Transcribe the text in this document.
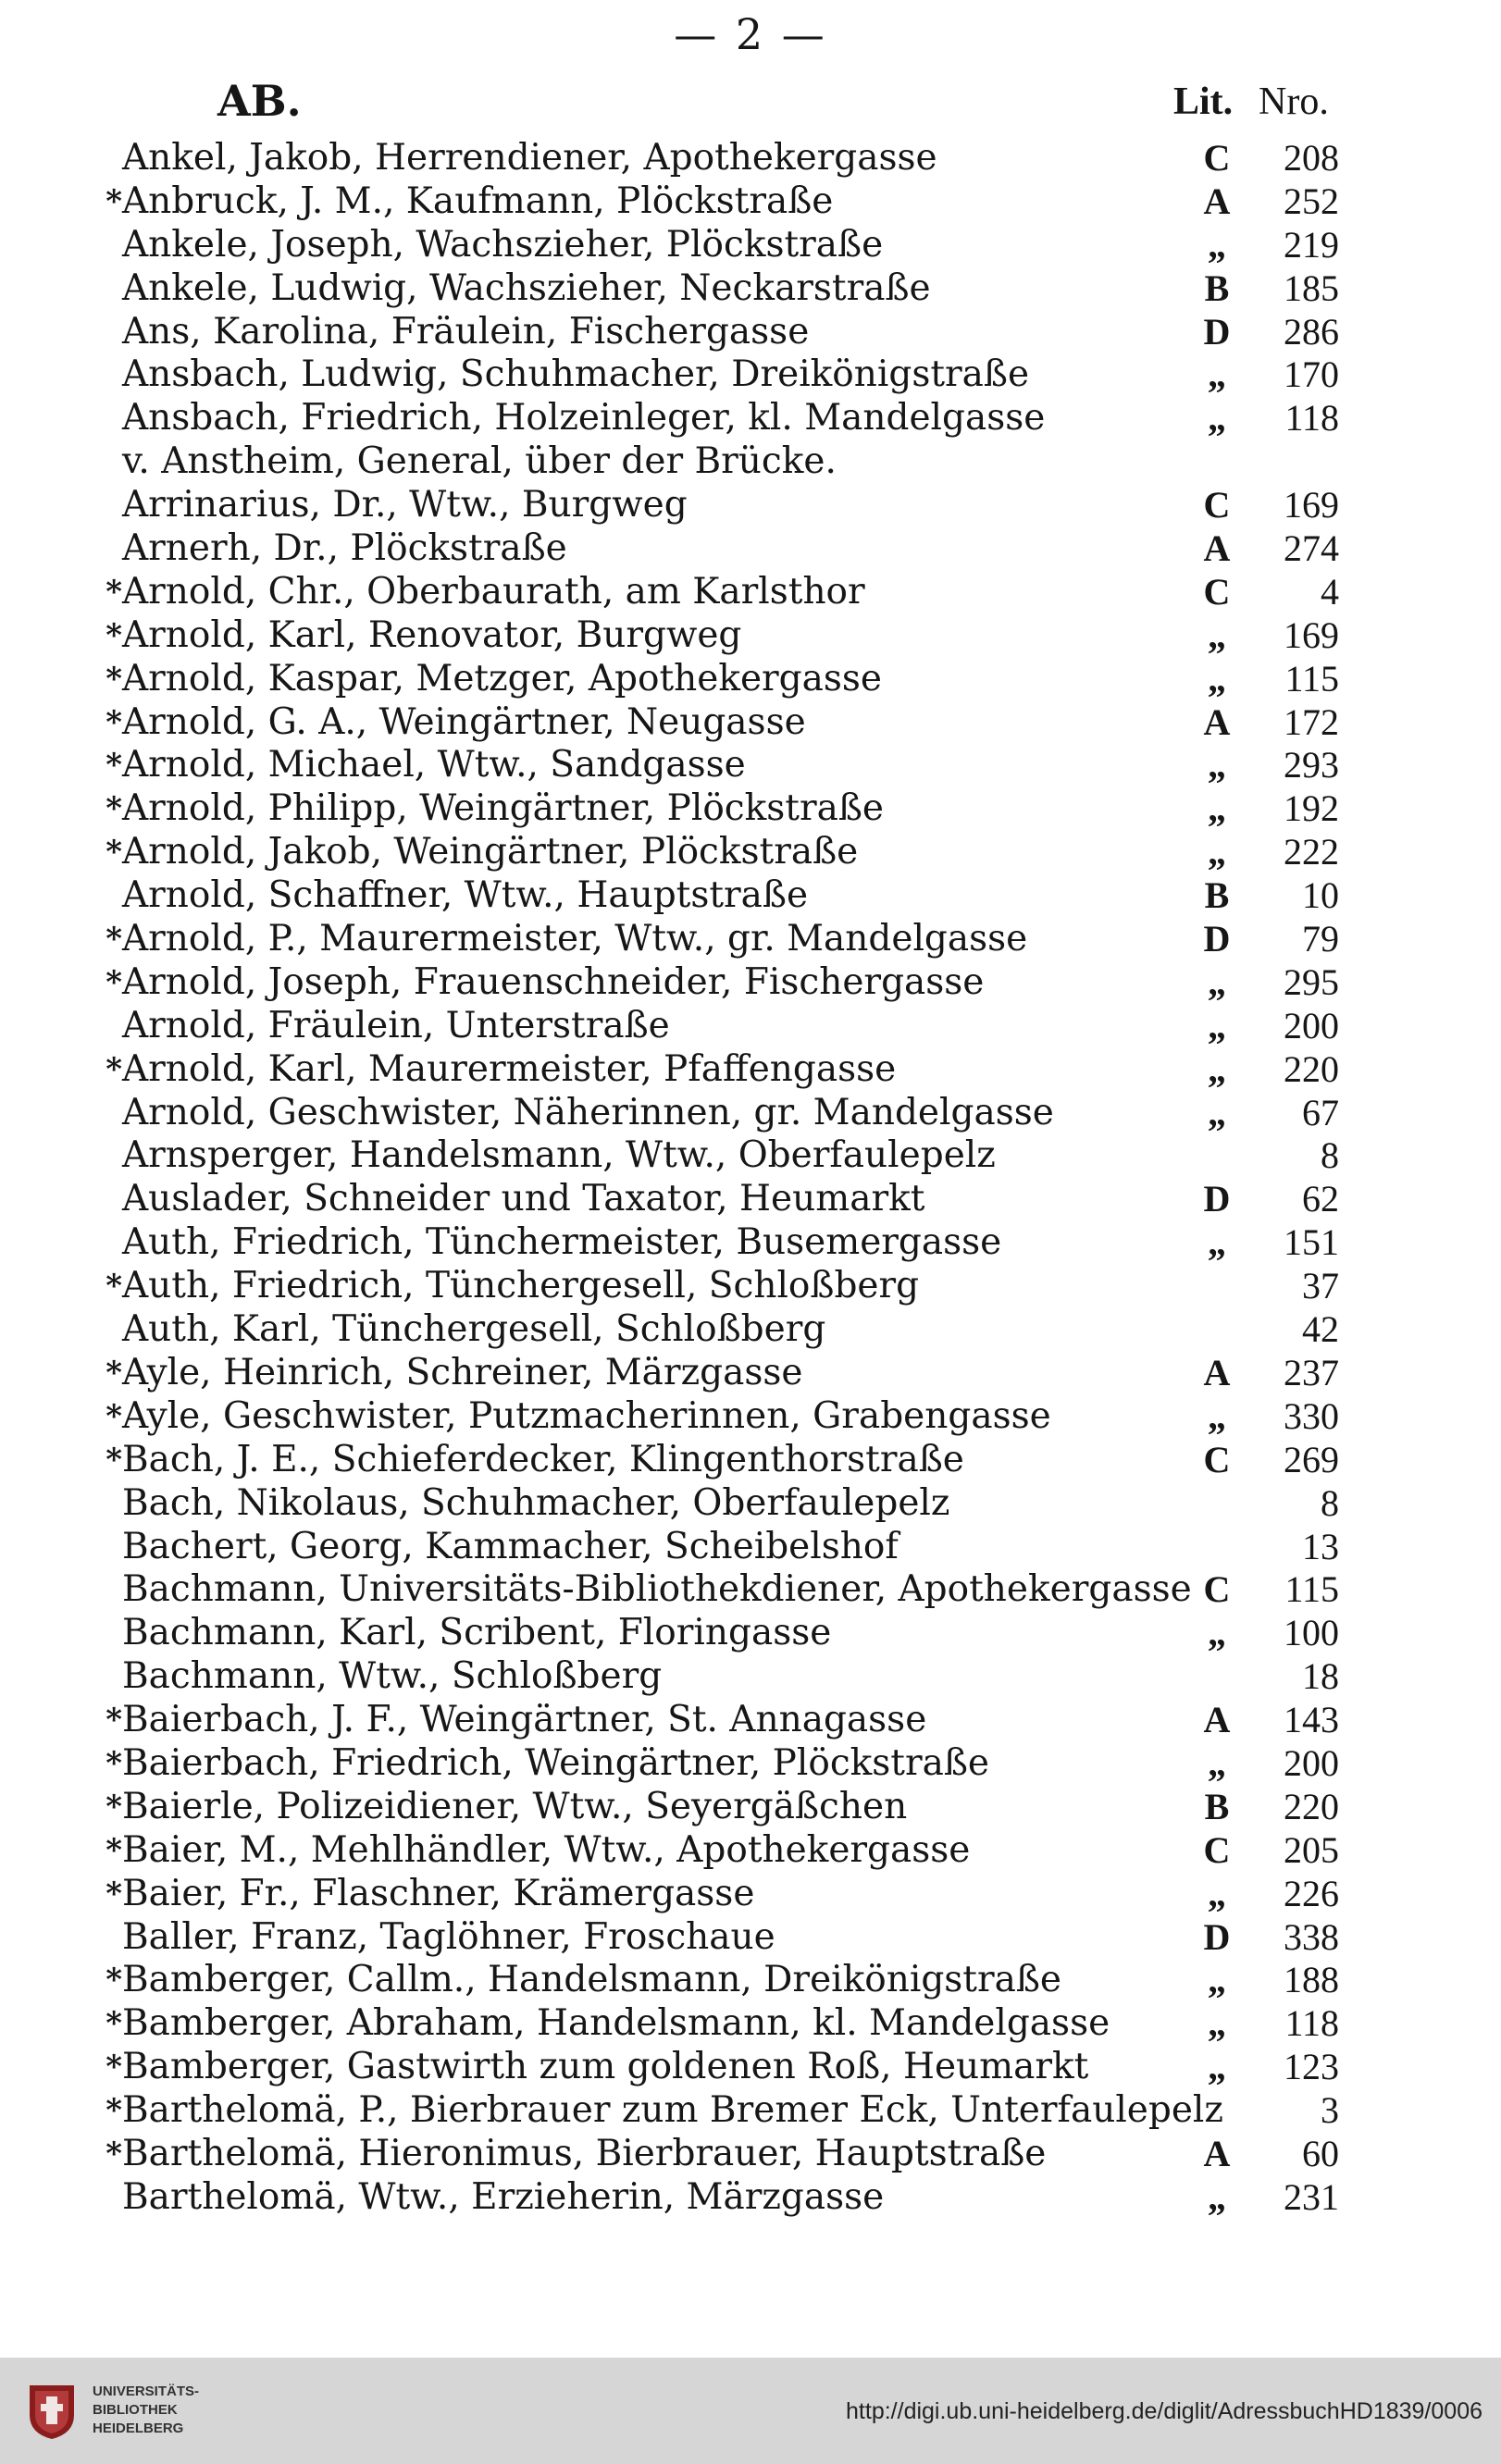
— 2 —
AB.	Lit. Nro.
Ankel, Jakob, Herrendiener, Apothekergasse	C	208
* Anbruck, J. M., Kaufmann, Plöckstraße	A	252
Ankele, Joseph, Wachszieher, Plöckstraße	„	219
Ankele, Ludwig, Wachszieher, Neckarstraße	B	185
Ans, Karolina, Fräulein, Fischergasse	D	286
Ansbach, Ludwig, Schuhmacher, Dreikönigstraße	„	170
Ansbach, Friedrich, Holzeinleger, kl. Mandelgasse	„	118
v. Anstheim, General, über der Brücke.
Arrinarius, Dr., Wtw., Burgweg	C	169
Arnerh, Dr., Plöckstraße	A	274
* Arnold, Chr., Oberbaurath, am Karlsthor	C	4
* Arnold, Karl, Renovator, Burgweg	„	169
* Arnold, Kaspar, Metzger, Apothekergasse	„	115
* Arnold, G. A., Weingärtner, Neugasse	A	172
* Arnold, Michael, Wtw., Sandgasse	„	293
* Arnold, Philipp, Weingärtner, Plöckstraße	„	192
* Arnold, Jakob, Weingärtner, Plöckstraße	„	222
Arnold, Schaffner, Wtw., Hauptstraße	B	10
* Arnold, P., Maurermeister, Wtw., gr. Mandelgasse	D	79
* Arnold, Joseph, Frauenschneider, Fischergasse	„	295
Arnold, Fräulein, Unterstraße	„	200
* Arnold, Karl, Maurermeister, Pfaffengasse	„	220
Arnold, Geschwister, Näherinnen, gr. Mandelgasse	„	67
Arnsperger, Handelsmann, Wtw., Oberfaulepelz	8
Auslader, Schneider und Taxator, Heumarkt	D	62
Auth, Friedrich, Tünchermeister, Busemergasse	„	151
* Auth, Friedrich, Tünchergesell, Schloßberg	37
Auth, Karl, Tünchergesell, Schloßberg	42
* Ayle, Heinrich, Schreiner, Märzgasse	A	237
* Ayle, Geschwister, Putzmacherinnen, Grabengasse	„	330
* Bach, J. E., Schieferdecker, Klingenthorstraße	C	269
Bach, Nikolaus, Schuhmacher, Oberfaulepelz	8
Bachert, Georg, Kammacher, Scheibelshof	13
Bachmann, Universitäts-Bibliothekdiener, Apothekergasse C	115
Bachmann, Karl, Scribent, Floringasse	„	100
Bachmann, Wtw., Schloßberg	18
* Baierbach, J. F., Weingärtner, St. Annagasse	A	143
* Baierbach, Friedrich, Weingärtner, Plöckstraße	„	200
* Baierle, Polizeidiener, Wtw., Seyergäßchen	B	220
* Baier, M., Mehlhändler, Wtw., Apothekergasse	C	205
* Baier, Fr., Flaschner, Krämergasse	„	226
Baller, Franz, Taglöhner, Froschaue	D	338
* Bamberger, Callm., Handelsmann, Dreikönigstraße	„	188
* Bamberger, Abraham, Handelsmann, kl. Mandelgasse	„	118
* Bamberger, Gastwirth zum goldenen Roß, Heumarkt	„	123
* Barthelomä, P., Bierbrauer zum Bremer Eck, Unterfaulepelz	3
* Barthelomä, Hieronimus, Bierbrauer, Hauptstraße	A	60
Barthelomä, Wtw., Erzieherin, Märzgasse	„	231
UNIVERSITÄTS-
BIBLIOTHEK
HEIDELBERG
http://digi.ub.uni-heidelberg.de/diglit/AdressbuchHD1839/0006
